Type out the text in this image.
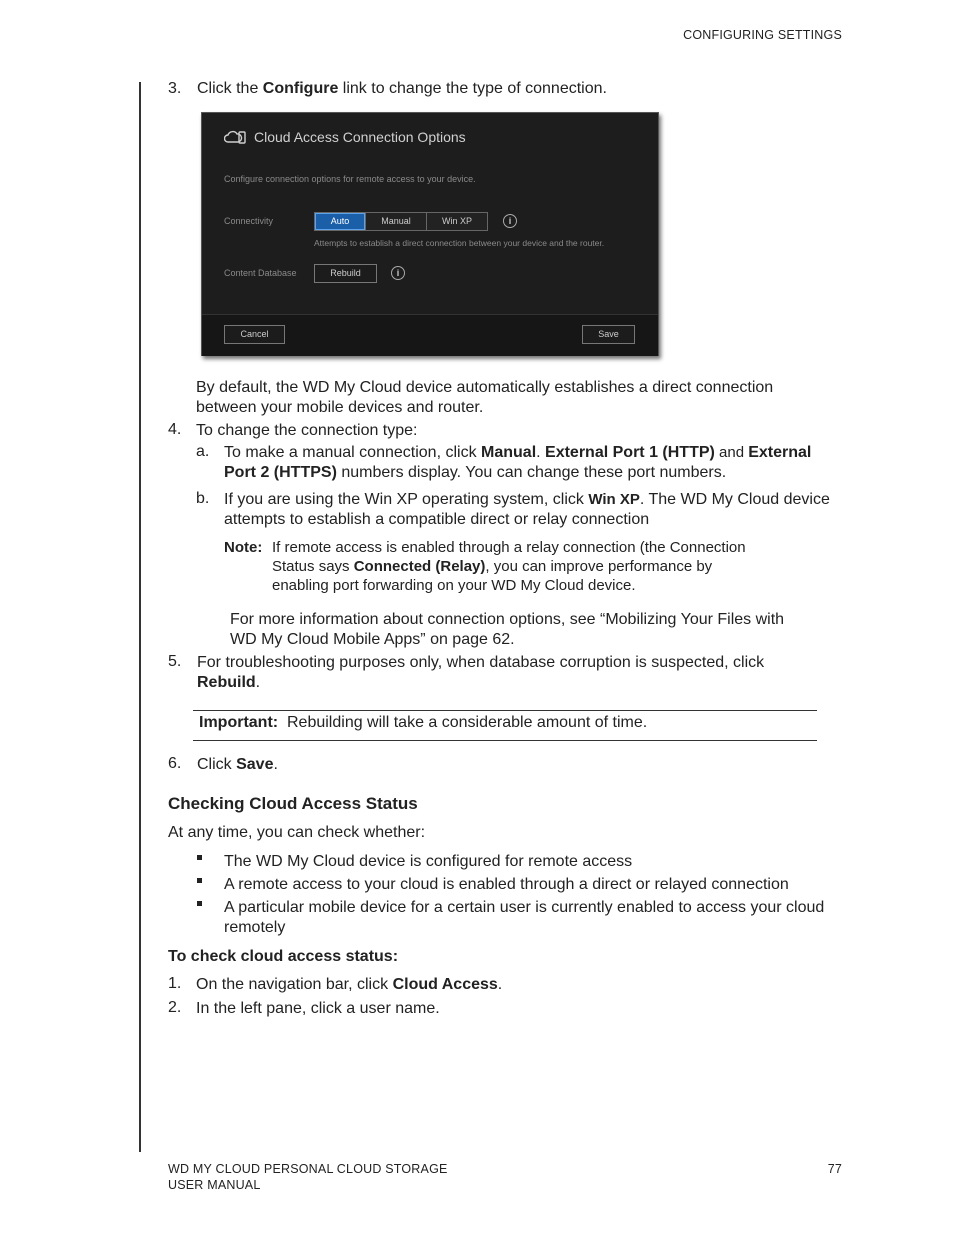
CONFIGURING SETTINGS
3. Click the Configure link to change the type of connection.
Cloud Access Connection Options
Configure connection options for remote access to your device.
Connectivity	Auto	Manual	Win XP	i
Attempts to establish a direct connection between your device and the router.
Content Database	Rebuild	i
Cancel	Save
By default, the WD My Cloud device automatically establishes a direct connection
between your mobile devices and router.
4. To change the connection type:
a. To make a manual connection, click Manual. External Port 1 (HTTP) and External
Port 2 (HTTPS) numbers display. You can change these port numbers.
b. If you are using the Win XP operating system, click Win XP. The WD My Cloud device
attempts to establish a compatible direct or relay connection
Note: If remote access is enabled through a relay connection (the Connection
Status says Connected (Relay), you can improve performance by
enabling port forwarding on your WD My Cloud device.
For more information about connection options, see “Mobilizing Your Files with
WD My Cloud Mobile Apps” on page 62.
5. For troubleshooting purposes only, when database corruption is suspected, click
Rebuild.
Important: Rebuilding will take a considerable amount of time.
6. Click Save.
Checking Cloud Access Status
At any time, you can check whether:
The WD My Cloud device is configured for remote access
A remote access to your cloud is enabled through a direct or relayed connection
A particular mobile device for a certain user is currently enabled to access your cloud
remotely
To check cloud access status:
1. On the navigation bar, click Cloud Access.
2. In the left pane, click a user name.
WD MY CLOUD PERSONAL CLOUD STORAGE
USER MANUAL
77
